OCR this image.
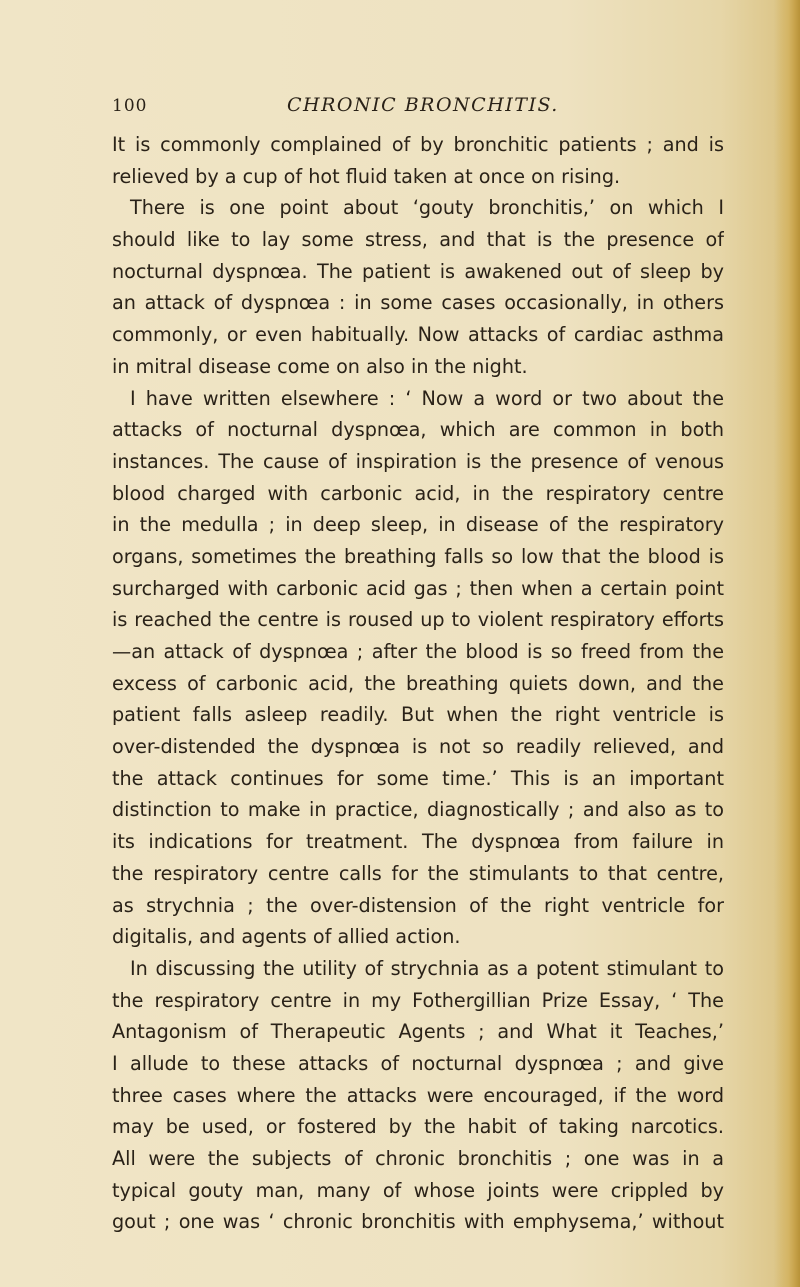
100	CHRONIC BRONCHITIS.
It is commonly complained of by bronchitic patients ; and is
relieved by a cup of hot fluid taken at once on rising.
There is one point about ‘gouty bronchitis,’ on which I
should like to lay some stress, and that is the presence of
nocturnal dyspnœa. The patient is awakened out of sleep by
an attack of dyspnœa : in some cases occasionally, in others
commonly, or even habitually. Now attacks of cardiac asthma
in mitral disease come on also in the night.
I have written elsewhere : ‘ Now a word or two about the
attacks of nocturnal dyspnœa, which are common in both
instances. The cause of inspiration is the presence of venous
blood charged with carbonic acid, in the respiratory centre
in the medulla ; in deep sleep, in disease of the respiratory
organs, sometimes the breathing falls so low that the blood is
surcharged with carbonic acid gas ; then when a certain point
is reached the centre is roused up to violent respiratory efforts
—an attack of dyspnœa ; after the blood is so freed from the
excess of carbonic acid, the breathing quiets down, and the
patient falls asleep readily. But when the right ventricle is
over-distended the dyspnœa is not so readily relieved, and
the attack continues for some time.’ This is an important
distinction to make in practice, diagnostically ; and also as to
its indications for treatment. The dyspnœa from failure in
the respiratory centre calls for the stimulants to that centre,
as strychnia ; the over-distension of the right ventricle for
digitalis, and agents of allied action.
In discussing the utility of strychnia as a potent stimulant to
the respiratory centre in my Fothergillian Prize Essay, ‘ The
Antagonism of Therapeutic Agents ; and What it Teaches,’
I allude to these attacks of nocturnal dyspnœa ; and give
three cases where the attacks were encouraged, if the word
may be used, or fostered by the habit of taking narcotics.
All were the subjects of chronic bronchitis ; one was in a
typical gouty man, many of whose joints were crippled by
gout ; one was ‘ chronic bronchitis with emphysema,’ without
